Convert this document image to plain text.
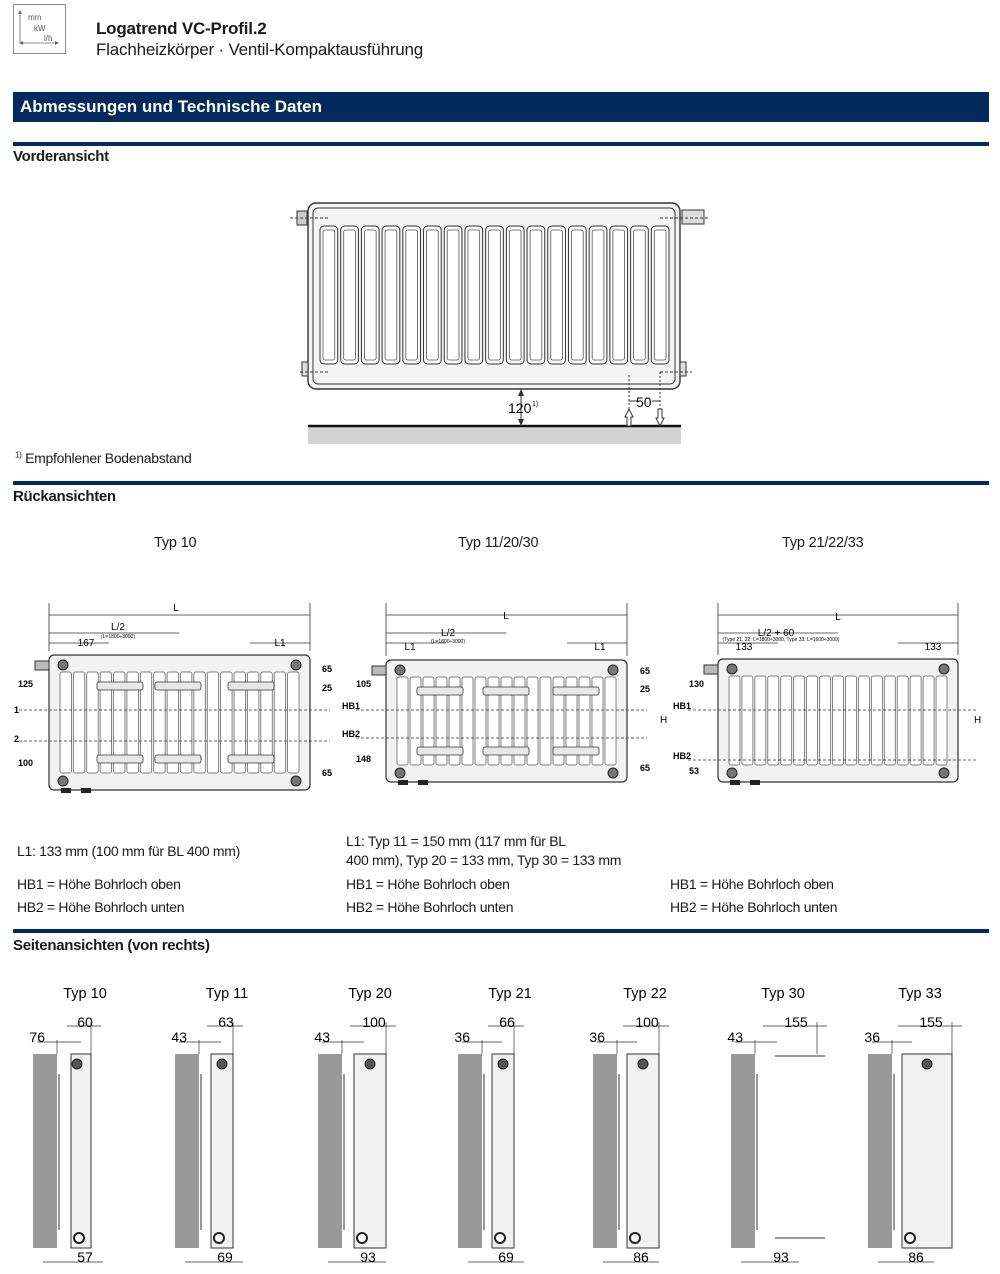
mm
kW
l/h
Logatrend VC-Profil.2
Flachheizkörper · Ventil-Kompaktausführung
Abmessungen und Technische Daten
Vorderansicht
120 1)	50
$^{1)}$ Empfohlener Bodenabstand
Rückansichten
Typ 10	Typ 11/20/30	Typ 21/22/33
L
L/2
(L=1800÷3000)
167	L1
125
1
2
100
65
25
65
L
L/2
(L=1800÷3000)
L1	L1
105
HB1
HB2
148
65
25
65
H
L
L/2 + 60
(Type 21, 22: L=1800÷3000, Type 33: L=1600÷3000)
133	133
130
HB1
HB2
53
H
L1: 133 mm (100 mm für BL 400 mm)
L1: Typ 11 = 150 mm (117 mm für BL
400 mm), Typ 20 = 133 mm, Typ 30 = 133 mm
HB1 = Höhe Bohrloch oben
HB2 = Höhe Bohrloch unten
HB1 = Höhe Bohrloch oben
HB2 = Höhe Bohrloch unten
HB1 = Höhe Bohrloch oben
HB2 = Höhe Bohrloch unten
Seitenansichten (von rechts)
Typ 10
76
60
57
Typ 11
43
63
69
Typ 20
43
100
93
Typ 21
36
66
69
Typ 22
36
100
86
Typ 30
43
155
93
Typ 33
36
155
86
